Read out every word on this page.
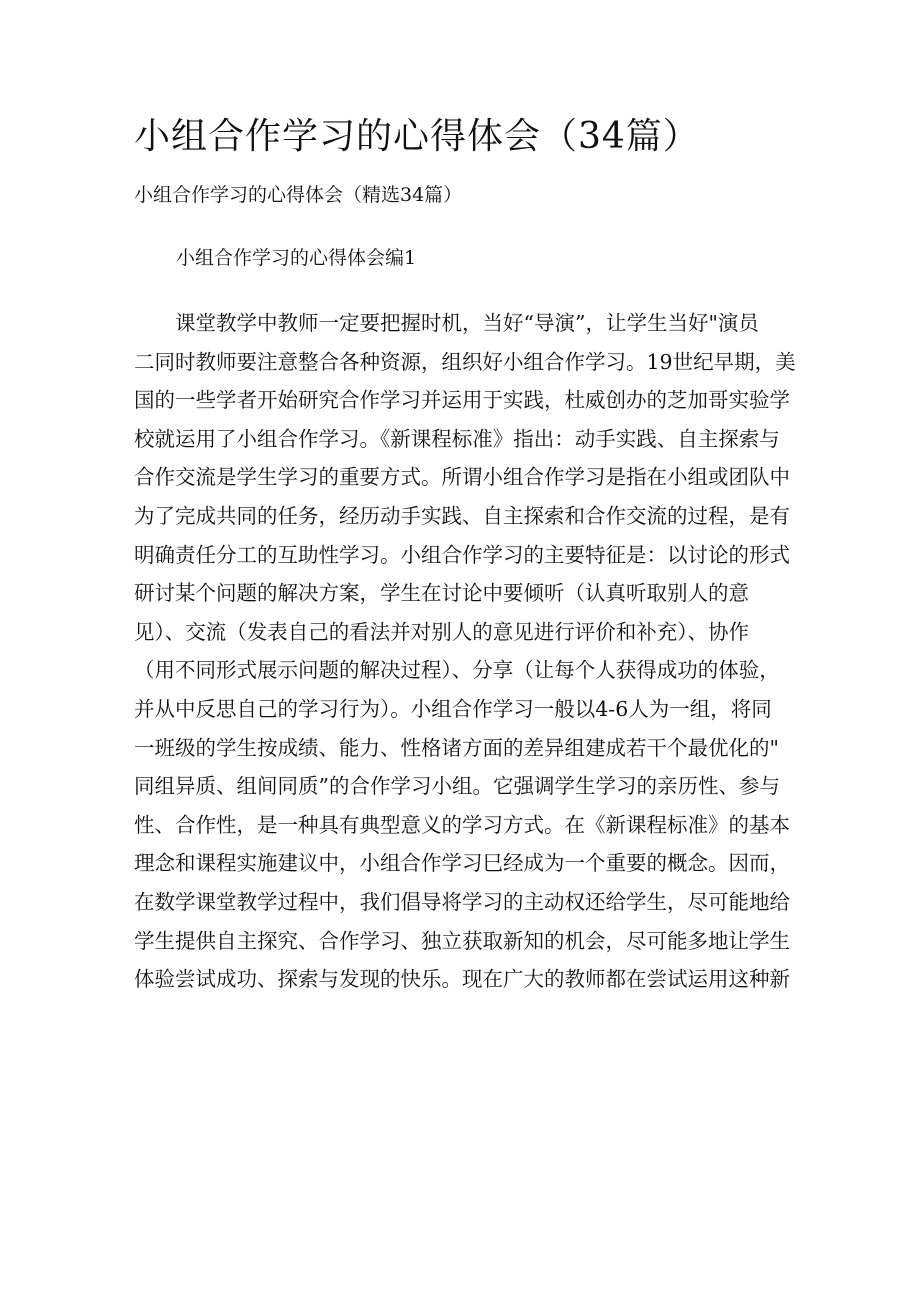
小组合作学习的心得体会（34篇）

小组合作学习的心得体会（精选34篇）

小组合作学习的心得体会编1

　　课堂教学中教师一定要把握时机，当好“导演”，让学生当好"演员
二同时教师要注意整合各种资源，组织好小组合作学习。19世纪早期，美
国的一些学者开始研究合作学习并运用于实践，杜威创办的芝加哥实验学
校就运用了小组合作学习。《新课程标准》指出：动手实践、自主探索与
合作交流是学生学习的重要方式。所谓小组合作学习是指在小组或团队中
为了完成共同的任务，经历动手实践、自主探索和合作交流的过程，是有
明确责任分工的互助性学习。小组合作学习的主要特征是：以讨论的形式
研讨某个问题的解决方案，学生在讨论中要倾听（认真听取别人的意
见）、交流（发表自己的看法并对别人的意见进行评价和补充）、协作
（用不同形式展示问题的解决过程）、分享（让每个人获得成功的体验，
并从中反思自己的学习行为）。小组合作学习一般以4-6人为一组，将同
一班级的学生按成绩、能力、性格诸方面的差异组建成若干个最优化的"
同组异质、组间同质”的合作学习小组。它强调学生学习的亲历性、参与
性、合作性，是一种具有典型意义的学习方式。在《新课程标准》的基本
理念和课程实施建议中，小组合作学习巳经成为一个重要的概念。因而，
在数学课堂教学过程中，我们倡导将学习的主动权还给学生，尽可能地给
学生提供自主探究、合作学习、独立获取新知的机会，尽可能多地让学生
体验尝试成功、探索与发现的快乐。现在广大的教师都在尝试运用这种新
